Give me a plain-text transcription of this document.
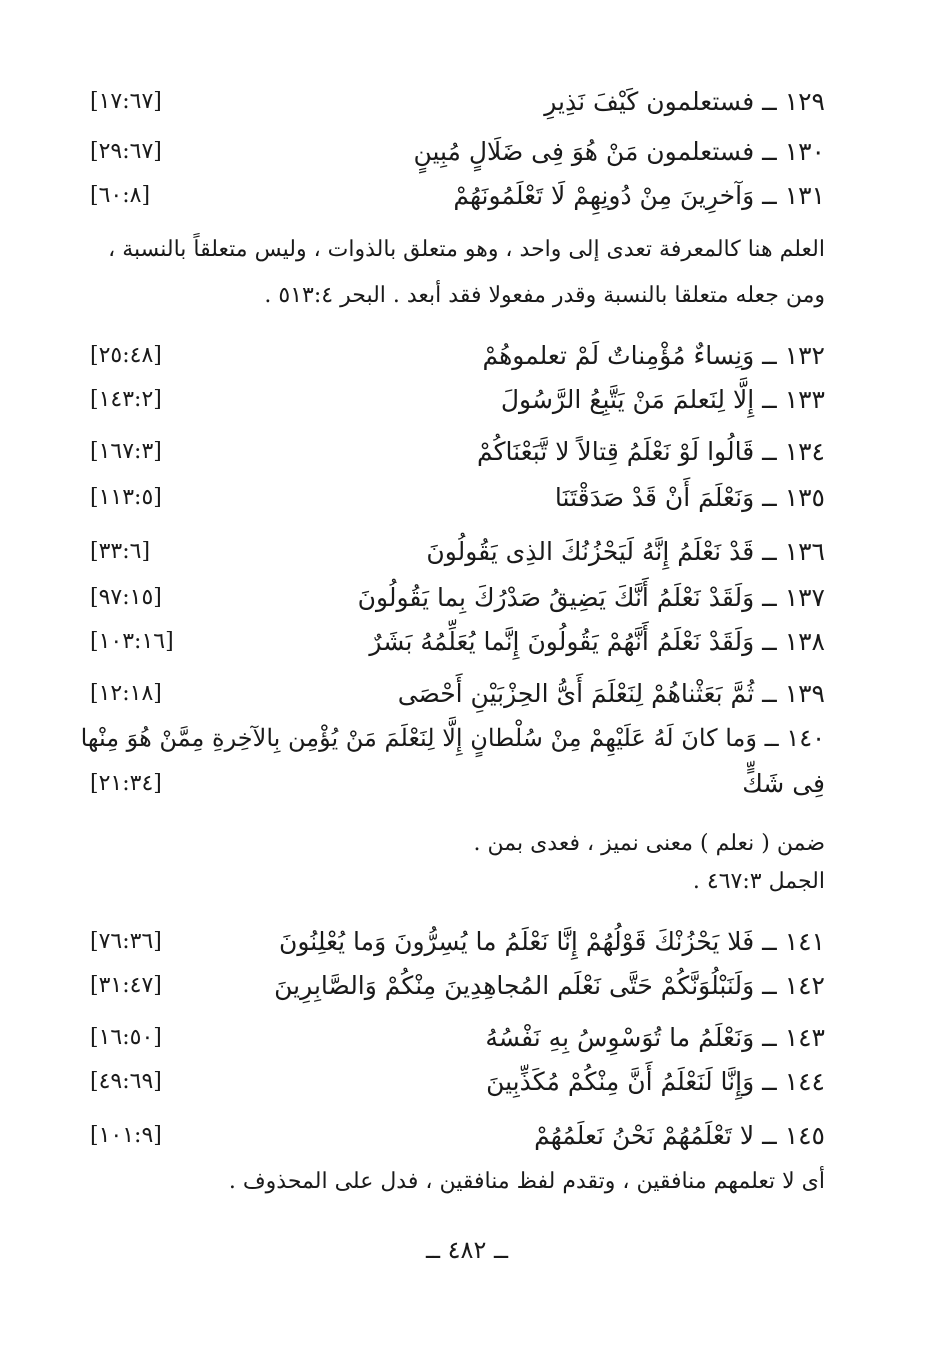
١٢٩ ــ فستعلمون كَيْفَ نَذِيرِ
[١٧:٦٧]
١٣٠ ــ فستعلمون مَنْ هُوَ فِى ضَلَالٍ مُبِينٍ
[٢٩:٦٧]
١٣١ ــ وَآخرِينَ مِنْ دُونِهِمْ لَا تَعْلَمُونَهُمْ
[٦٠:٨]
العلم هنا كالمعرفة تعدى إلى واحد ، وهو متعلق بالذوات ، وليس متعلقاً بالنسبة ،
ومن جعله متعلقا بالنسبة وقدر مفعولا فقد أبعد . البحر ٥١٣:٤ .
١٣٢ ــ وَنِساءٌ مُؤْمِناتٌ لَمْ تعلموهُمْ
[٢٥:٤٨]
١٣٣ ــ إِلَّا لِنَعلمَ مَنْ يَتَّبِعُ الرَّسُولَ
[١٤٣:٢]
١٣٤ ــ قَالُوا لَوْ نَعْلَمُ قِتالاً لا تَّبَعْنَاكُمْ
[١٦٧:٣]
١٣٥ ــ وَنَعْلَمَ أَنْ قَدْ صَدَقْتَنَا
[١١٣:٥]
١٣٦ ــ قَدْ نَعْلَمُ إِنَّهُ لَيَحْزُنُكَ الذِى يَقُولُونَ
[٣٣:٦]
١٣٧ ــ وَلَقَدْ نَعْلَمُ أَنَّكَ يَضِيقُ صَدْرُكَ بِما يَقُولُونَ
[٩٧:١٥]
١٣٨ ــ وَلَقَدْ نَعْلَمُ أَنَّهُمْ يَقُولُونَ إِنَّما يُعَلِّمُهُ بَشَرٌ
[١٠٣:١٦]
١٣٩ ــ ثُمَّ بَعَثْناهُمْ لِنَعْلَمَ أَىُّ الحِزْبَيْنِ أَحْصَى
[١٢:١٨]
١٤٠ ــ وَما كانَ لَهُ عَلَيْهِمْ مِنْ سُلْطانٍ إِلَّا لِنَعْلَمَ مَنْ يُؤْمِن بِالآخِرةِ مِمَّنْ هُوَ مِنْها
فِى شَكٍّ
[٢١:٣٤]
ضمن ( نعلم ) معنى نميز ، فعدى بمن .
الجمل ٤٦٧:٣ .
١٤١ ــ فَلا يَحْزُنْكَ قَوْلُهُمْ إِنَّا نَعْلَمُ ما يُسِرُّونَ وَما يُعْلِنُونَ
[٧٦:٣٦]
١٤٢ ــ وَلَنَبْلُوَنَّكُمْ حَتَّى نَعْلَم المُجاهِدِينَ مِنْكُمْ وَالصَّابِرِينَ
[٣١:٤٧]
١٤٣ ــ وَنَعْلَمُ ما تُوَسْوِسُ بِهِ نَفْسُهُ
[١٦:٥٠]
١٤٤ ــ وَإِنَّا لَنَعْلَمُ أَنَّ مِنْكُمْ مُكَذِّبِينَ
[٤٩:٦٩]
١٤٥ ــ لا تَعْلَمُهُمْ نَحْنُ نَعلَمُهُمْ
[١٠١:٩]
أى لا تعلمهم منافقين ، وتقدم لفظ منافقين ، فدل على المحذوف .
ــ ٤٨٢ ــ
